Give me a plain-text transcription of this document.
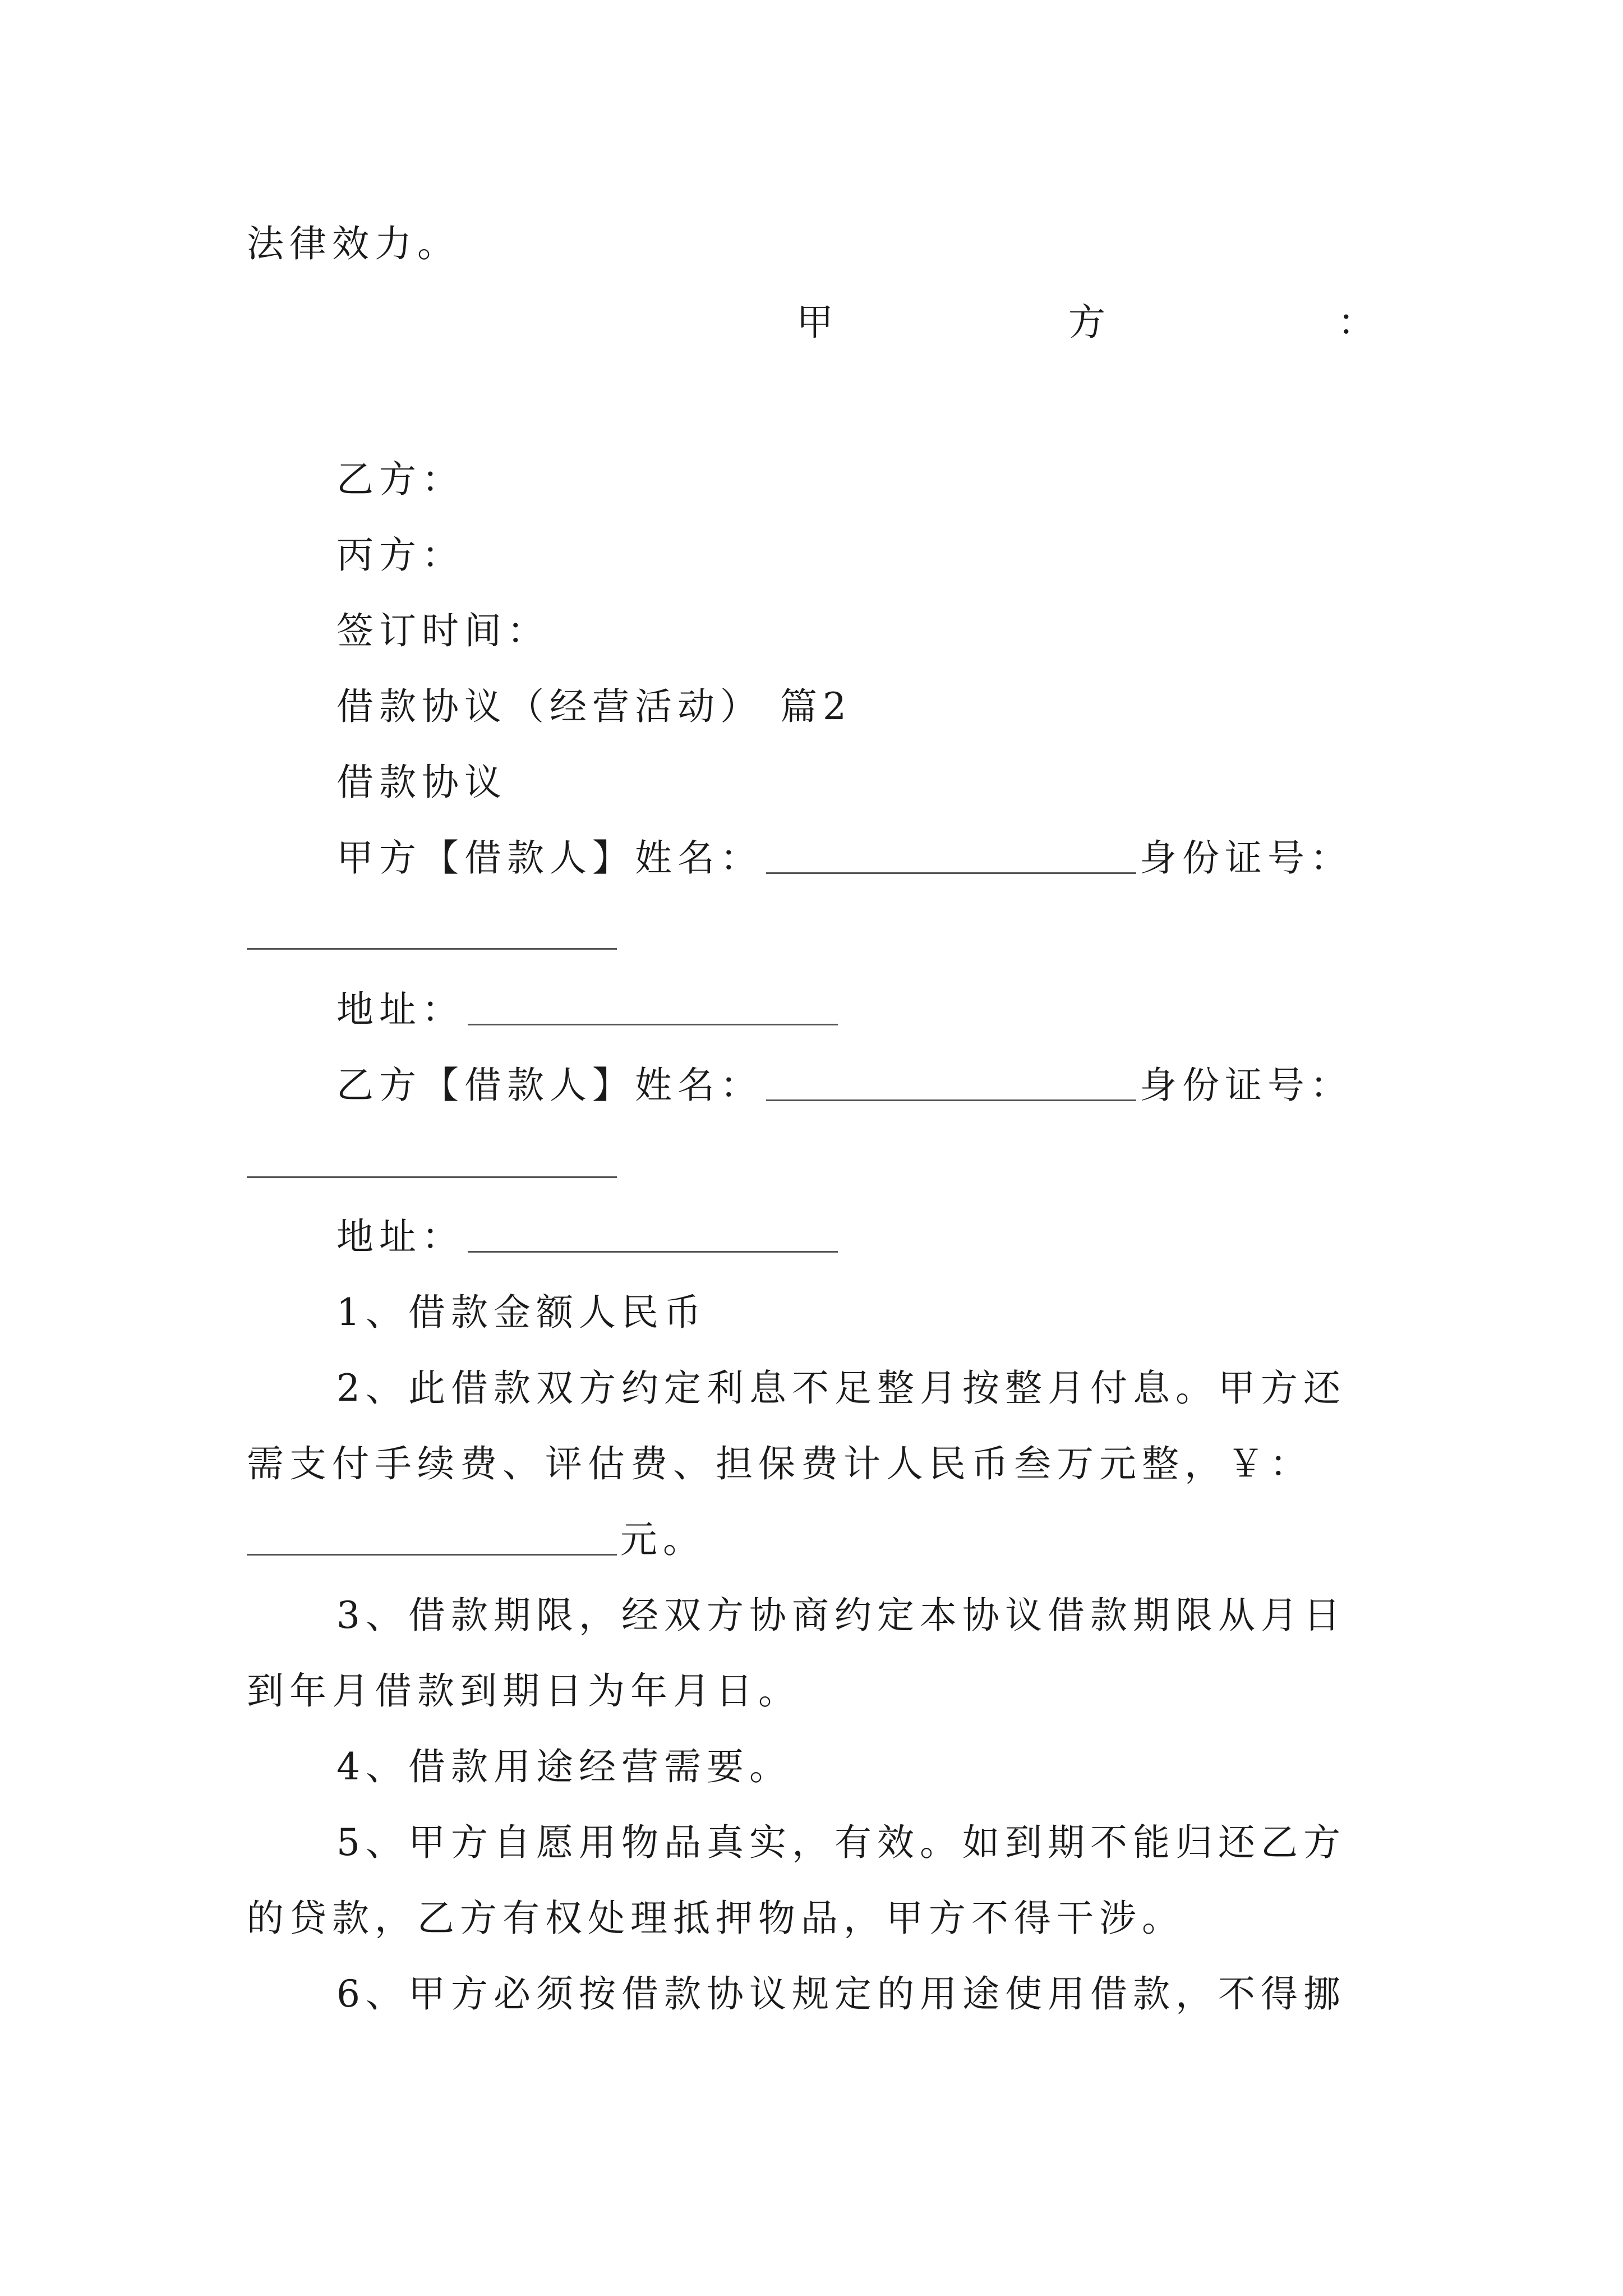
法律效力。
甲	方	：
乙方：
丙方：
签订时间：
借款协议（经营活动） 篇2
借款协议
甲方【借款人】姓名：	身份证号：
地址：
乙方【借款人】姓名：	身份证号：
地址：
1、借款金额人民币
2、此借款双方约定利息不足整月按整月付息。甲方还
需支付手续费、评估费、担保费计人民币叁万元整，￥：
元。
3、借款期限，经双方协商约定本协议借款期限从月日
到年月借款到期日为年月日。
4、借款用途经营需要。
5、甲方自愿用物品真实，有效。如到期不能归还乙方
的贷款，乙方有权处理抵押物品，甲方不得干涉。
6、甲方必须按借款协议规定的用途使用借款，不得挪
